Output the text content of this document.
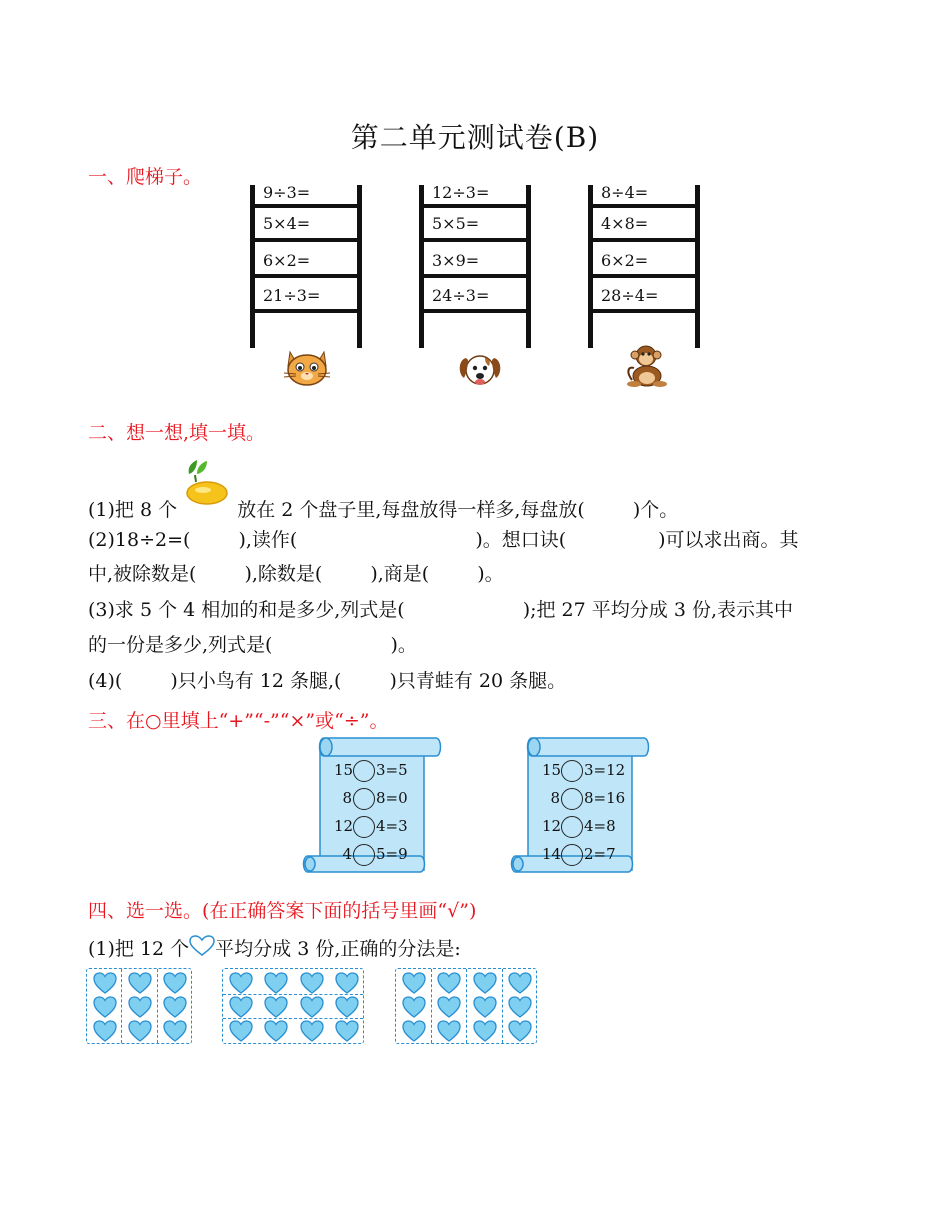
第二单元测试卷(B)
一、爬梯子。
9÷3=
5×4=
6×2=
21÷3=
12÷3=
5×5=
3×9=
24÷3=
8÷4=
4×8=
6×2=
28÷4=
二、想一想,填一填。
(1)把 8 个	放在 2 个盘子里,每盘放得一样多,每盘放(	)个。
(2)18÷2=(	),读作(	)。想口诀(	)可以求出商。其
中,被除数是(	),除数是(	),商是(	)。
(3)求 5 个 4 相加的和是多少,列式是(	);把 27 平均分成 3 份,表示其中
的一份是多少,列式是(	)。
(4)(	)只小鸟有 12 条腿,(	)只青蛙有 20 条腿。
三、在○里填上“+”“-”“×”或“÷”。
15 3=5
8 8=0
12 4=3
4 5=9
15 3=12
8 8=16
12 4=8
14 2=7
四、选一选。(在正确答案下面的括号里画“√”)
(1)把 12 个 平均分成 3 份,正确的分法是:
